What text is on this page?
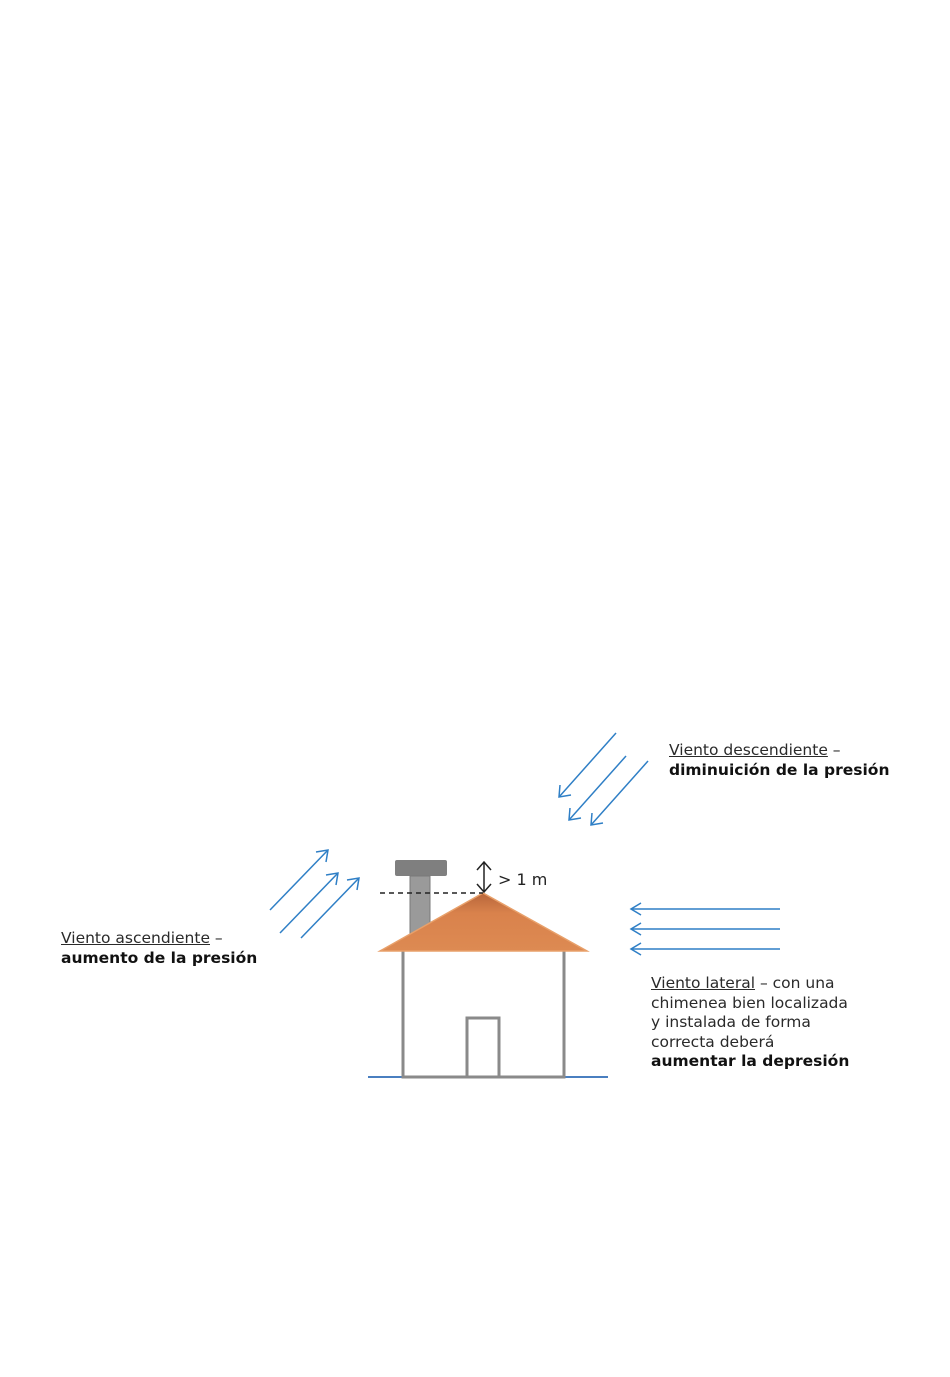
> 1 m
Viento descendiente –
diminuición de la presión
Viento ascendiente –
aumento de la presión
Viento lateral – con una
chimenea bien localizada
y instalada de forma
correcta deberá
aumentar la depresión
